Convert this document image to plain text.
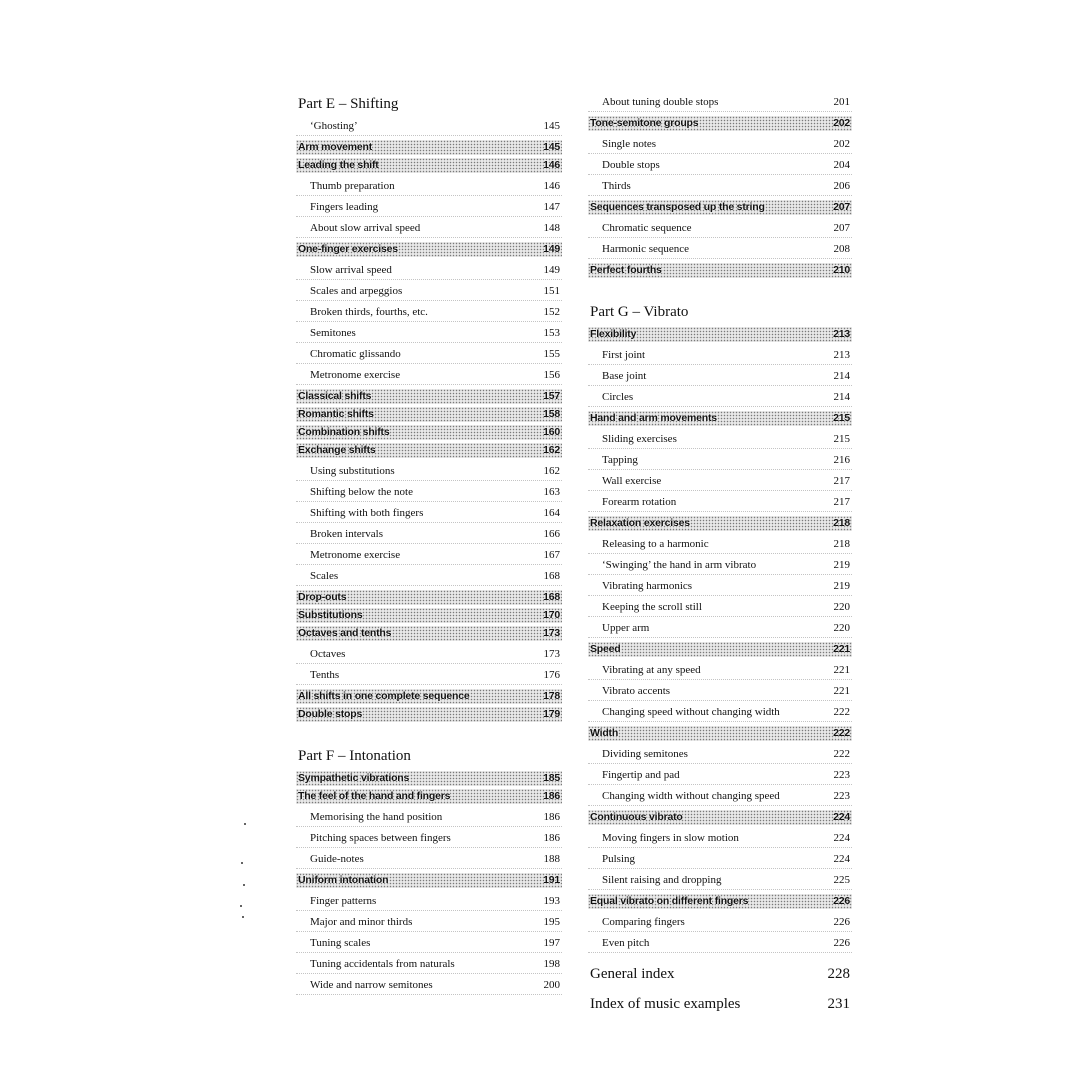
Part E – Shifting
‘Ghosting’	145
Arm movement	145
Leading the shift	146
Thumb preparation	146
Fingers leading	147
About slow arrival speed	148
One-finger exercises	149
Slow arrival speed	149
Scales and arpeggios	151
Broken thirds, fourths, etc.	152
Semitones	153
Chromatic glissando	155
Metronome exercise	156
Classical shifts	157
Romantic shifts	158
Combination shifts	160
Exchange shifts	162
Using substitutions	162
Shifting below the note	163
Shifting with both fingers	164
Broken intervals	166
Metronome exercise	167
Scales	168
Drop-outs	168
Substitutions	170
Octaves and tenths	173
Octaves	173
Tenths	176
All shifts in one complete sequence	178
Double stops	179
Part F – Intonation
Sympathetic vibrations	185
The feel of the hand and fingers	186
Memorising the hand position	186
Pitching spaces between fingers	186
Guide-notes	188
Uniform intonation	191
Finger patterns	193
Major and minor thirds	195
Tuning scales	197
Tuning accidentals from naturals	198
Wide and narrow semitones	200
About tuning double stops	201
Tone-semitone groups	202
Single notes	202
Double stops	204
Thirds	206
Sequences transposed up the string	207
Chromatic sequence	207
Harmonic sequence	208
Perfect fourths	210
Part G – Vibrato
Flexibility	213
First joint	213
Base joint	214
Circles	214
Hand and arm movements	215
Sliding exercises	215
Tapping	216
Wall exercise	217
Forearm rotation	217
Relaxation exercises	218
Releasing to a harmonic	218
‘Swinging’ the hand in arm vibrato	219
Vibrating harmonics	219
Keeping the scroll still	220
Upper arm	220
Speed	221
Vibrating at any speed	221
Vibrato accents	221
Changing speed without changing width	222
Width	222
Dividing semitones	222
Fingertip and pad	223
Changing width without changing speed	223
Continuous vibrato	224
Moving fingers in slow motion	224
Pulsing	224
Silent raising and dropping	225
Equal vibrato on different fingers	226
Comparing fingers	226
Even pitch	226
General index	228
Index of music examples	231
